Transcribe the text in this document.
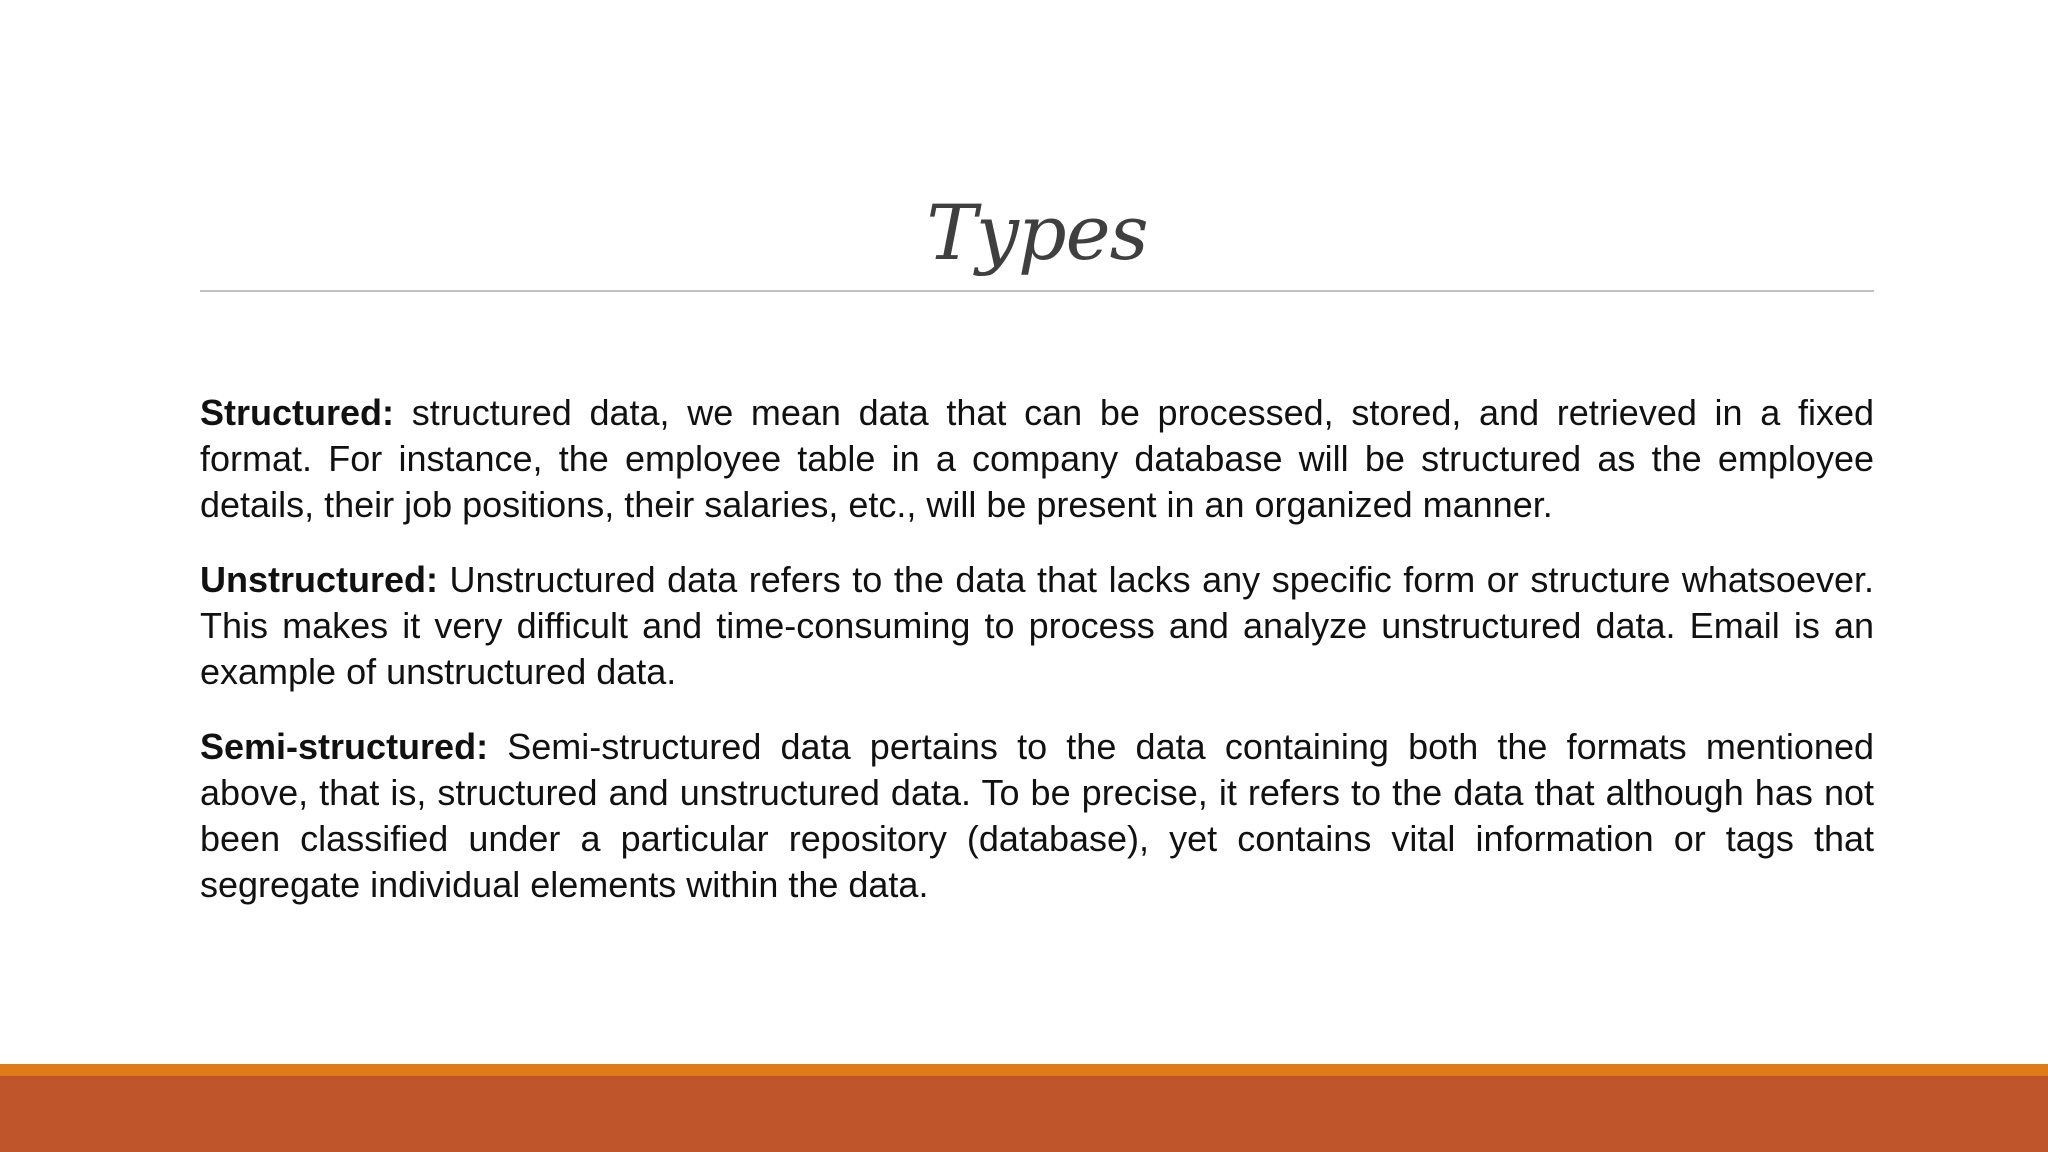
Types

Structured: structured data, we mean data that can be processed, stored, and retrieved in a fixed format. For instance, the employee table in a company database will be structured as the employee details, their job positions, their salaries, etc., will be present in an organized manner.

Unstructured: Unstructured data refers to the data that lacks any specific form or structure whatsoever. This makes it very difficult and time-consuming to process and analyze unstructured data. Email is an example of unstructured data.

Semi-structured: Semi-structured data pertains to the data containing both the formats mentioned above, that is, structured and unstructured data. To be precise, it refers to the data that although has not been classified under a particular repository (database), yet contains vital information or tags that segregate individual elements within the data.
